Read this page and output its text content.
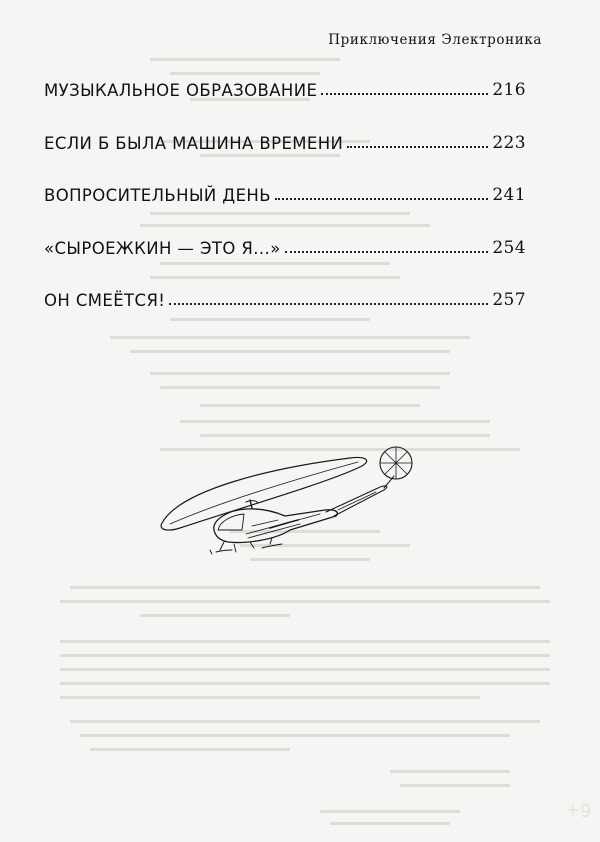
Приключения Электроника
МУЗЫКАЛЬНОЕ ОБРАЗОВАНИЕ	216
ЕСЛИ Б БЫЛА МАШИНА ВРЕМЕНИ	223
ВОПРОСИТЕЛЬНЫЙ ДЕНЬ	241
«СЫРОЕЖКИН — ЭТО Я...»	254
ОН СМЕЁТСЯ!	257
6+
